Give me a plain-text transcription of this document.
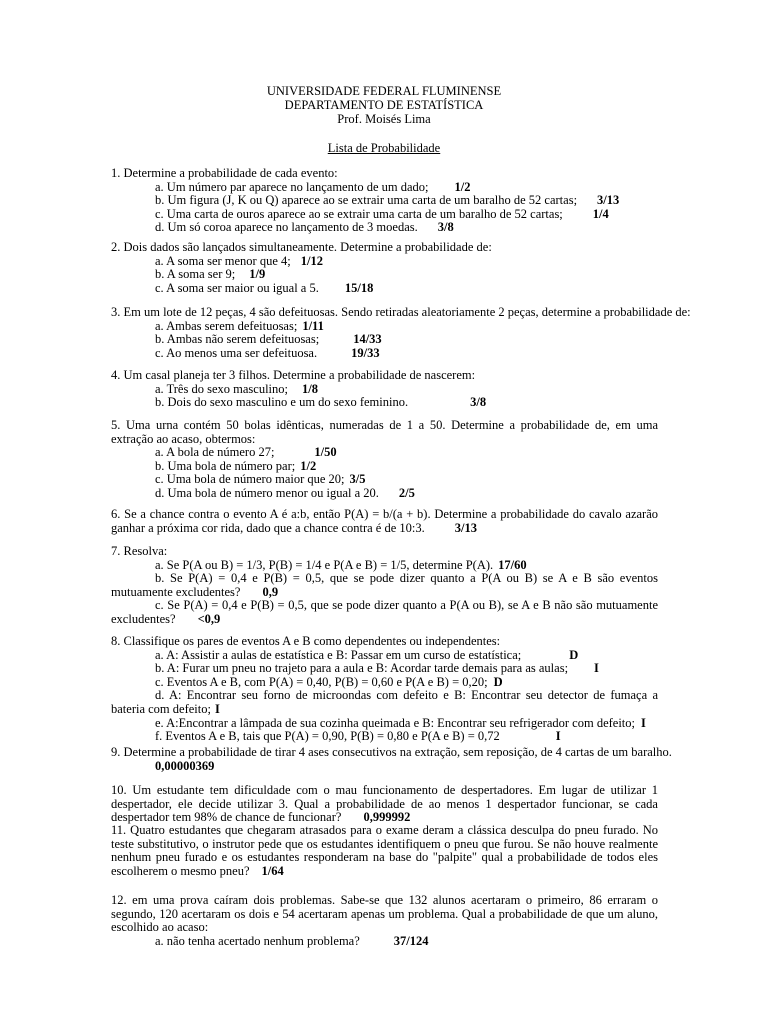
UNIVERSIDADE FEDERAL FLUMINENSE
DEPARTAMENTO DE ESTATÍSTICA
Prof. Moisés Lima
Lista de Probabilidade
1. Determine a probabilidade de cada evento:
a. Um número par aparece no lançamento de um dado; 1/2
b. Um figura (J, K ou Q) aparece ao se extrair uma carta de um baralho de 52 cartas; 3/13
c. Uma carta de ouros aparece ao se extrair uma carta de um baralho de 52 cartas; 1/4
d. Um só coroa aparece no lançamento de 3 moedas. 3/8
2. Dois dados são lançados simultaneamente. Determine a probabilidade de:
a. A soma ser menor que 4; 1/12
b. A soma ser 9; 1/9
c. A soma ser maior ou igual a 5. 15/18
3. Em um lote de 12 peças, 4 são defeituosas. Sendo retiradas aleatoriamente 2 peças, determine a probabilidade de:
a. Ambas serem defeituosas; 1/11
b. Ambas não serem defeituosas;	14/33
c. Ao menos uma ser defeituosa.	19/33
4. Um casal planeja ter 3 filhos. Determine a probabilidade de nascerem:
a. Três do sexo masculino; 1/8
b. Dois do sexo masculino e um do sexo feminino.	3/8
5. Uma urna contém 50 bolas idênticas, numeradas de 1 a 50. Determine a probabilidade de, em uma extração ao acaso, obtermos:
a. A bola de número 27;	1/50
b. Uma bola de número par; 1/2
c. Uma bola de número maior que 20; 3/5
d. Uma bola de número menor ou igual a 20. 2/5
6. Se a chance contra o evento A é a:b, então P(A) = b/(a + b). Determine a probabilidade do cavalo azarão ganhar a próxima cor rida, dado que a chance contra é de 10:3. 3/13
7. Resolva:
a. Se P(A ou B) = 1/3, P(B) = 1/4 e P(A e B) = 1/5, determine P(A). 17/60
b. Se P(A) = 0,4 e P(B) = 0,5, que se pode dizer quanto a P(A ou B) se A e B são eventos mutuamente excludentes? 0,9
c. Se P(A) = 0,4 e P(B) = 0,5, que se pode dizer quanto a P(A ou B), se A e B não são mutuamente excludentes? <0,9
8. Classifique os pares de eventos A e B como dependentes ou independentes:
a. A: Assistir a aulas de estatística e B: Passar em um curso de estatística;	D
b. A: Furar um pneu no trajeto para a aula e B: Acordar tarde demais para as aulas; I
c. Eventos A e B, com P(A) = 0,40, P(B) = 0,60 e P(A e B) = 0,20; D
d. A: Encontrar seu forno de microondas com defeito e B: Encontrar seu detector de fumaça a bateria com defeito; I
e. A:Encontrar a lâmpada de sua cozinha queimada e B: Encontrar seu refrigerador com defeito; I
f. Eventos A e B, tais que P(A) = 0,90, P(B) = 0,80 e P(A e B) = 0,72	I
9. Determine a probabilidade de tirar 4 ases consecutivos na extração, sem reposição, de 4 cartas de um baralho.
0,00000369
10. Um estudante tem dificuldade com o mau funcionamento de despertadores. Em lugar de utilizar 1 despertador, ele decide utilizar 3. Qual a probabilidade de ao menos 1 despertador funcionar, se cada despertador tem 98% de chance de funcionar? 0,999992
11. Quatro estudantes que chegaram atrasados para o exame deram a clássica desculpa do pneu furado. No teste substitutivo, o instrutor pede que os estudantes identifiquem o pneu que furou. Se não houve realmente nenhum pneu furado e os estudantes responderam na base do "palpite" qual a probabilidade de todos eles escolherem o mesmo pneu? 1/64
12. em uma prova caíram dois problemas. Sabe-se que 132 alunos acertaram o primeiro, 86 erraram o segundo, 120 acertaram os dois e 54 acertaram apenas um problema. Qual a probabilidade de que um aluno, escolhido ao acaso:
a. não tenha acertado nenhum problema?	37/124
